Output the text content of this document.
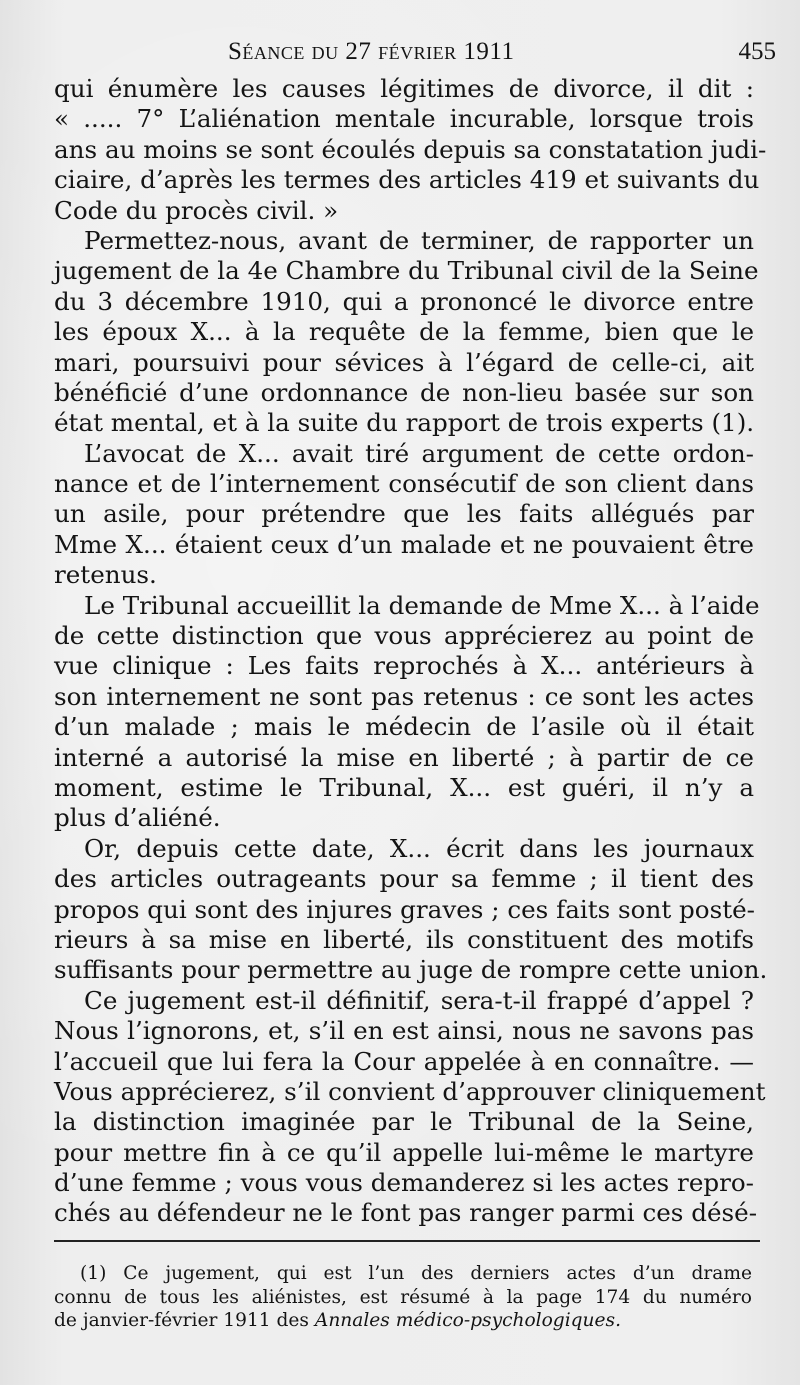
Séance du 27 février 1911	455
qui énumère les causes légitimes de divorce, il dit :
« ..... 7° L’aliénation mentale incurable, lorsque trois
ans au moins se sont écoulés depuis sa constatation judi-
ciaire, d’après les termes des articles 419 et suivants du
Code du procès civil. »
Permettez-nous, avant de terminer, de rapporter un
jugement de la 4e Chambre du Tribunal civil de la Seine
du 3 décembre 1910, qui a prononcé le divorce entre
les époux X... à la requête de la femme, bien que le
mari, poursuivi pour sévices à l’égard de celle-ci, ait
bénéficié d’une ordonnance de non-lieu basée sur son
état mental, et à la suite du rapport de trois experts (1).
L’avocat de X... avait tiré argument de cette ordon-
nance et de l’internement consécutif de son client dans
un asile, pour prétendre que les faits allégués par
Mme X... étaient ceux d’un malade et ne pouvaient être
retenus.
Le Tribunal accueillit la demande de Mme X... à l’aide
de cette distinction que vous apprécierez au point de
vue clinique : Les faits reprochés à X... antérieurs à
son internement ne sont pas retenus : ce sont les actes
d’un malade ; mais le médecin de l’asile où il était
interné a autorisé la mise en liberté ; à partir de ce
moment, estime le Tribunal, X... est guéri, il n’y a
plus d’aliéné.
Or, depuis cette date, X... écrit dans les journaux
des articles outrageants pour sa femme ; il tient des
propos qui sont des injures graves ; ces faits sont posté-
rieurs à sa mise en liberté, ils constituent des motifs
suffisants pour permettre au juge de rompre cette union.
Ce jugement est-il définitif, sera-t-il frappé d’appel ?
Nous l’ignorons, et, s’il en est ainsi, nous ne savons pas
l’accueil que lui fera la Cour appelée à en connaître. —
Vous apprécierez, s’il convient d’approuver cliniquement
la distinction imaginée par le Tribunal de la Seine,
pour mettre fin à ce qu’il appelle lui-même le martyre
d’une femme ; vous vous demanderez si les actes repro-
chés au défendeur ne le font pas ranger parmi ces désé-
(1) Ce jugement, qui est l’un des derniers actes d’un drame
connu de tous les aliénistes, est résumé à la page 174 du numéro
de janvier-février 1911 des Annales médico-psychologiques.
